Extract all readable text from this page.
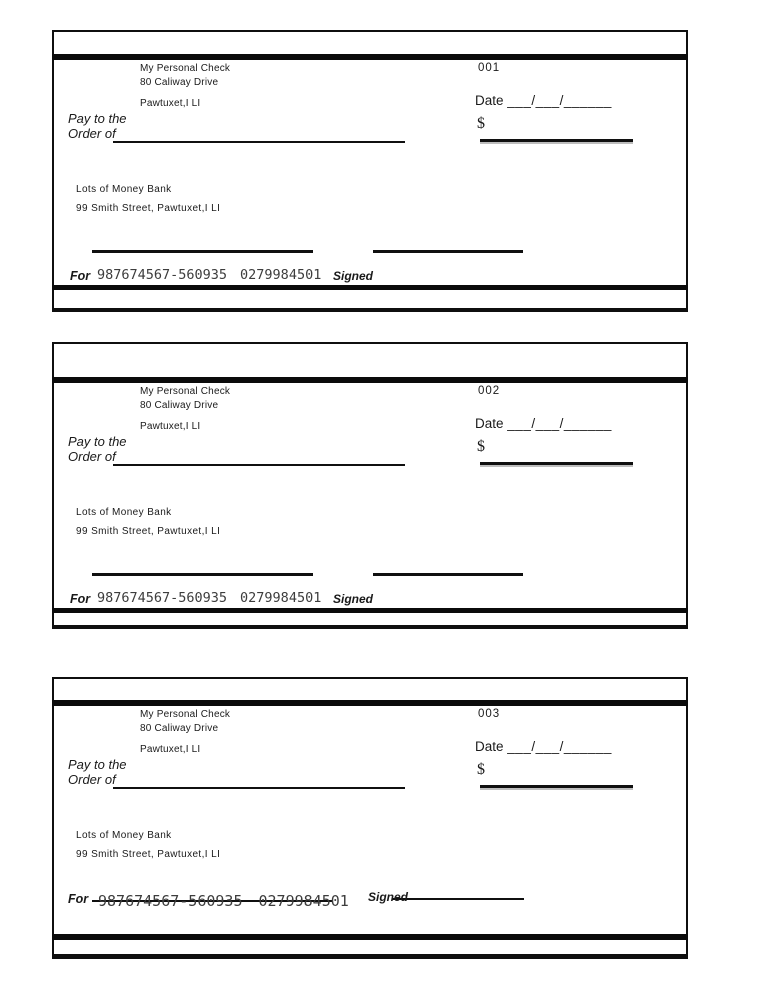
My Personal Check
80 Caliway Drive
Pawtuxet,I LI
001
Date ___/___/______
Pay to the
Order of
$
Lots of Money Bank
99 Smith Street, Pawtuxet,I LI
For 987674567-560935 0279984501 Signed
My Personal Check
80 Caliway Drive
Pawtuxet,I LI
002
Date ___/___/______
Pay to the
Order of
$
Lots of Money Bank
99 Smith Street, Pawtuxet,I LI
For 987674567-560935 0279984501 Signed
My Personal Check
80 Caliway Drive
Pawtuxet,I LI
003
Date ___/___/______
Pay to the
Order of
$
Lots of Money Bank
99 Smith Street, Pawtuxet,I LI
For 987674567-560935 0279984501 Signed
